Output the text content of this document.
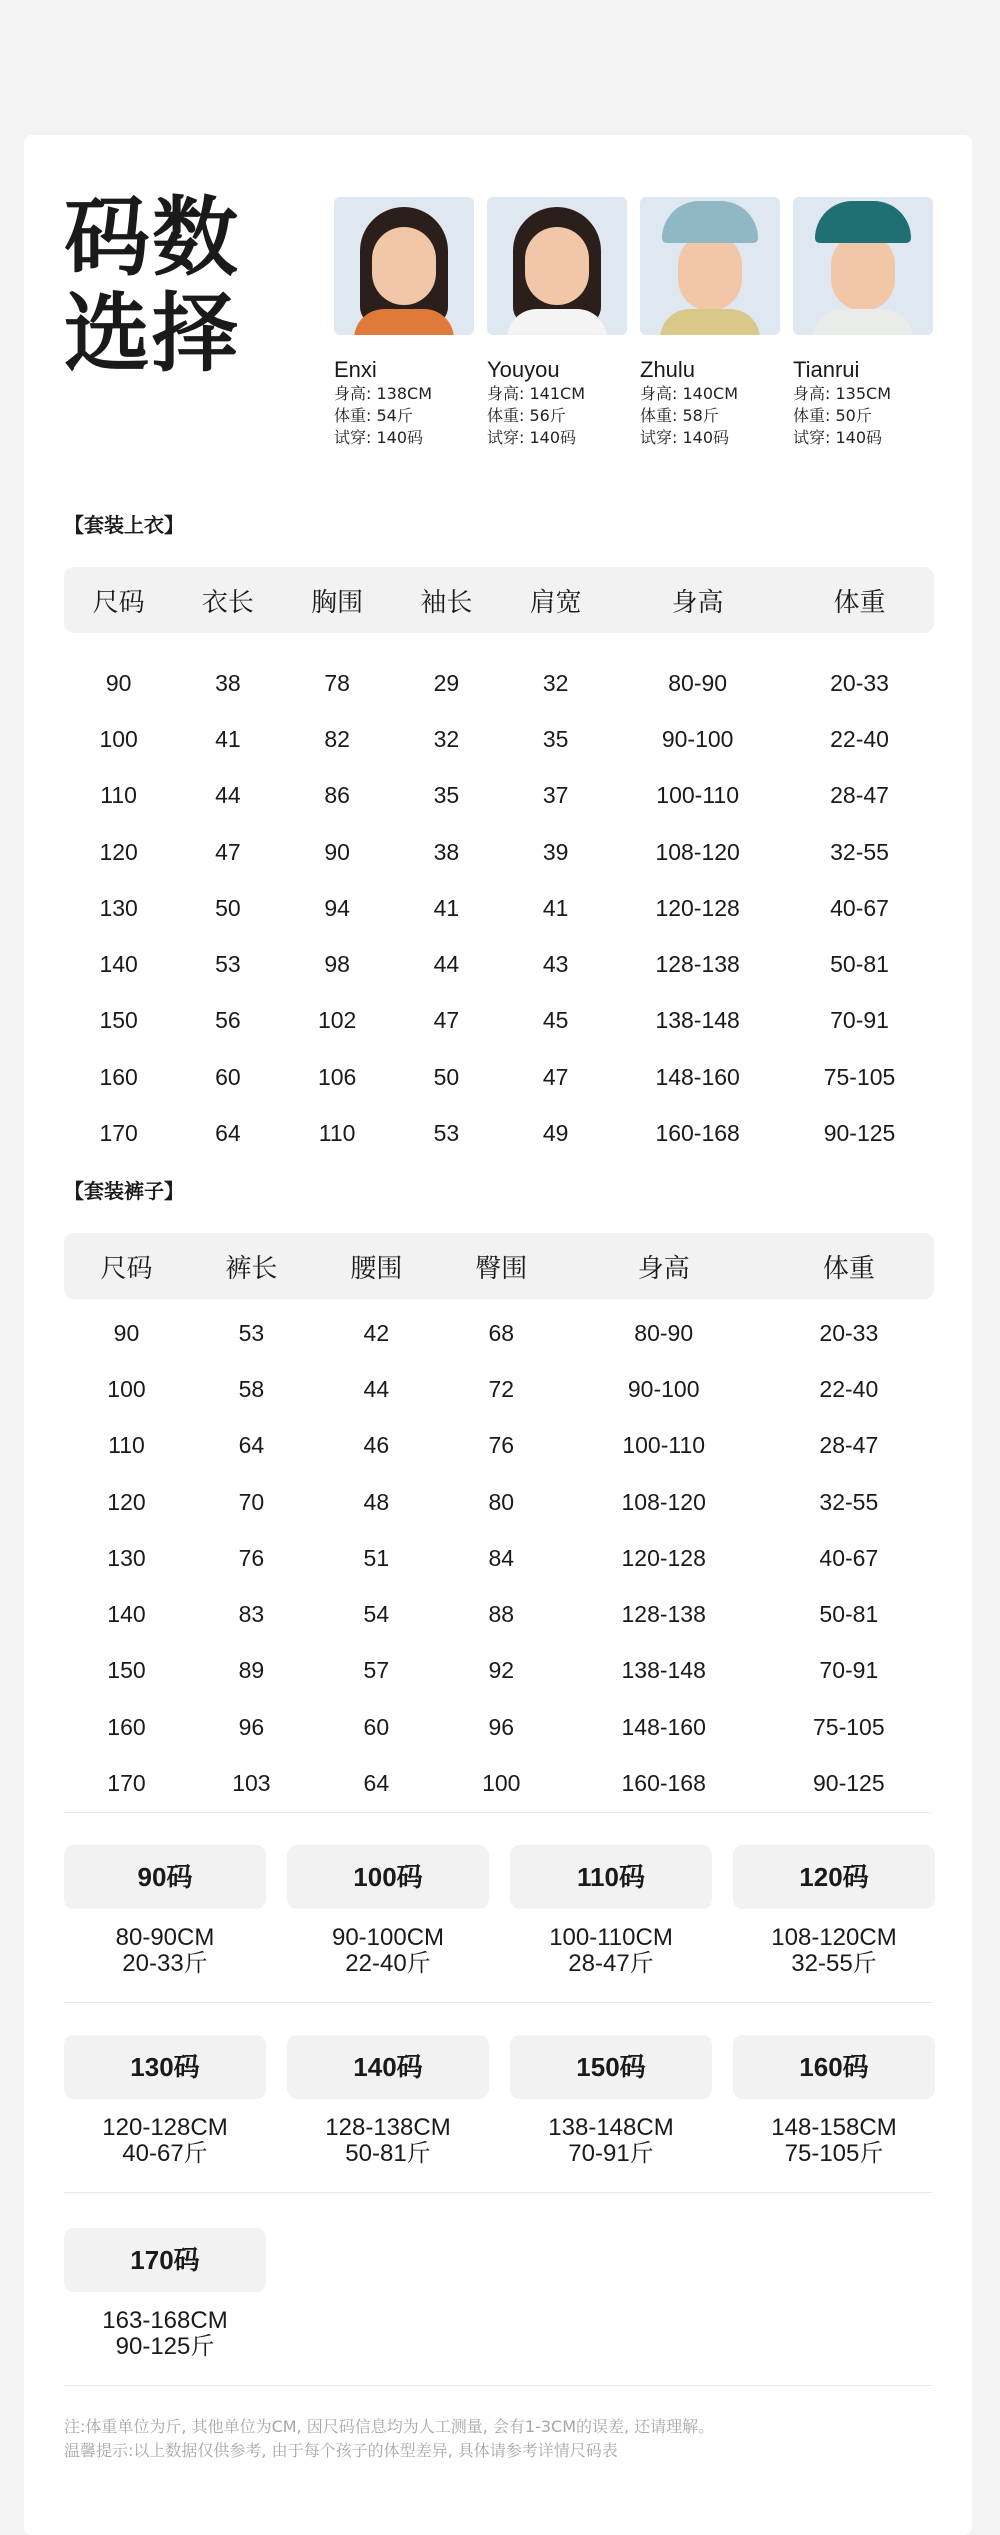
码数
选择	Enxi
身高: 138CM
体重: 54斤
试穿: 140码
Youyou
身高: 141CM
体重: 56斤
试穿: 140码
Zhulu
身高: 140CM
体重: 58斤
试穿: 140码
Tianrui
身高: 135CM
体重: 50斤
试穿: 140码
【套装上衣】
尺码	衣长	胸围	袖长	肩宽	身高	体重

90	38	78	29	32	80-90	20-33
100	41	82	32	35	90-100	22-40
110	44	86	35	37	100-110	28-47
120	47	90	38	39	108-120	32-55
130	50	94	41	41	120-128	40-67
140	53	98	44	43	128-138	50-81
150	56	102	47	45	138-148	70-91
160	60	106	50	47	148-160	75-105
170	64	110	53	49	160-168	90-125
【套装裤子】
尺码	裤长	腰围	臀围	身高	体重

90	53	42	68	80-90	20-33
100	58	44	72	90-100	22-40
110	64	46	76	100-110	28-47
120	70	48	80	108-120	32-55
130	76	51	84	120-128	40-67
140	83	54	88	128-138	50-81
150	89	57	92	138-148	70-91
160	96	60	96	148-160	75-105
170	103	64	100	160-168	90-125
90码
80-90CM
20-33斤
100码
90-100CM
22-40斤
110码
100-110CM
28-47斤
120码
108-120CM
32-55斤
130码
120-128CM
40-67斤
140码
128-138CM
50-81斤
150码
138-148CM
70-91斤
160码
148-158CM
75-105斤
170码
163-168CM
90-125斤
注:体重单位为斤, 其他单位为CM, 因尺码信息均为人工测量, 会有1-3CM的误差, 还请理解。
温馨提示:以上数据仅供参考, 由于每个孩子的体型差异, 具体请参考详情尺码表
